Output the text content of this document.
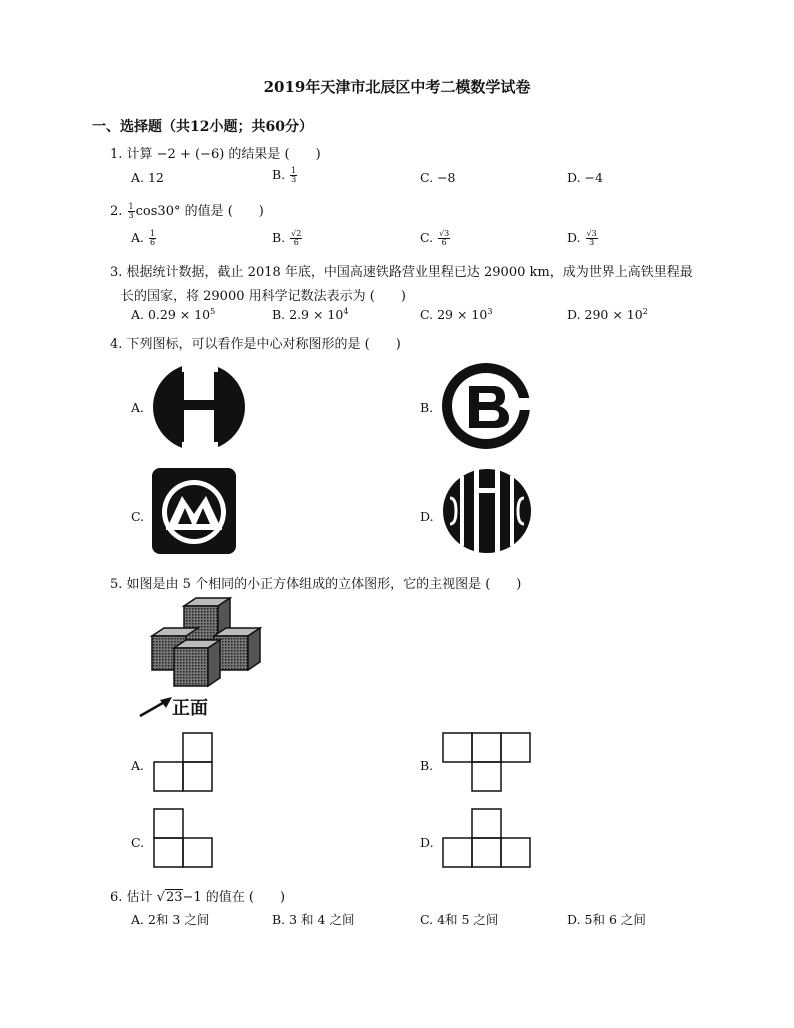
2019年天津市北辰区中考二模数学试卷
一、选择题（共12小题；共60分）
1. 计算 −2 + (−6) 的结果是 (　　)
A. 12	B. $\frac{1}{3}$	C. −8	D. −4
2. $\frac{1}{3} \cos 30^\circ$ 的值是 (　　)
A. $\frac{1}{6}$	B. $\frac{√2}{6}$	C. $\frac{√3}{6}$	D. $\frac{√3}{3}$
3. 根据统计数据，截止 2018 年底，中国高速铁路营业里程已达 29000 km，成为世界上高铁里程最
长的国家，将 29000 用科学记数法表示为 (　　)
A. $0.29 \times 10^5$	B. $2.9 \times 10^4$	C. $29 \times 10^3$	D. $290 \times 10^2$
4. 下列图标，可以看作是中心对称图形的是 (　　)
A.	B.
C.	D.
5. 如图是由 5 个相同的小正方体组成的立体图形，它的主视图是 (　　)
正面
A.	B.
C.	D.
6. 估计 √23−1 的值在 (　　)
A. 2和 3 之间	B. 3 和 4 之间	C. 4和 5 之间	D. 5和 6 之间
